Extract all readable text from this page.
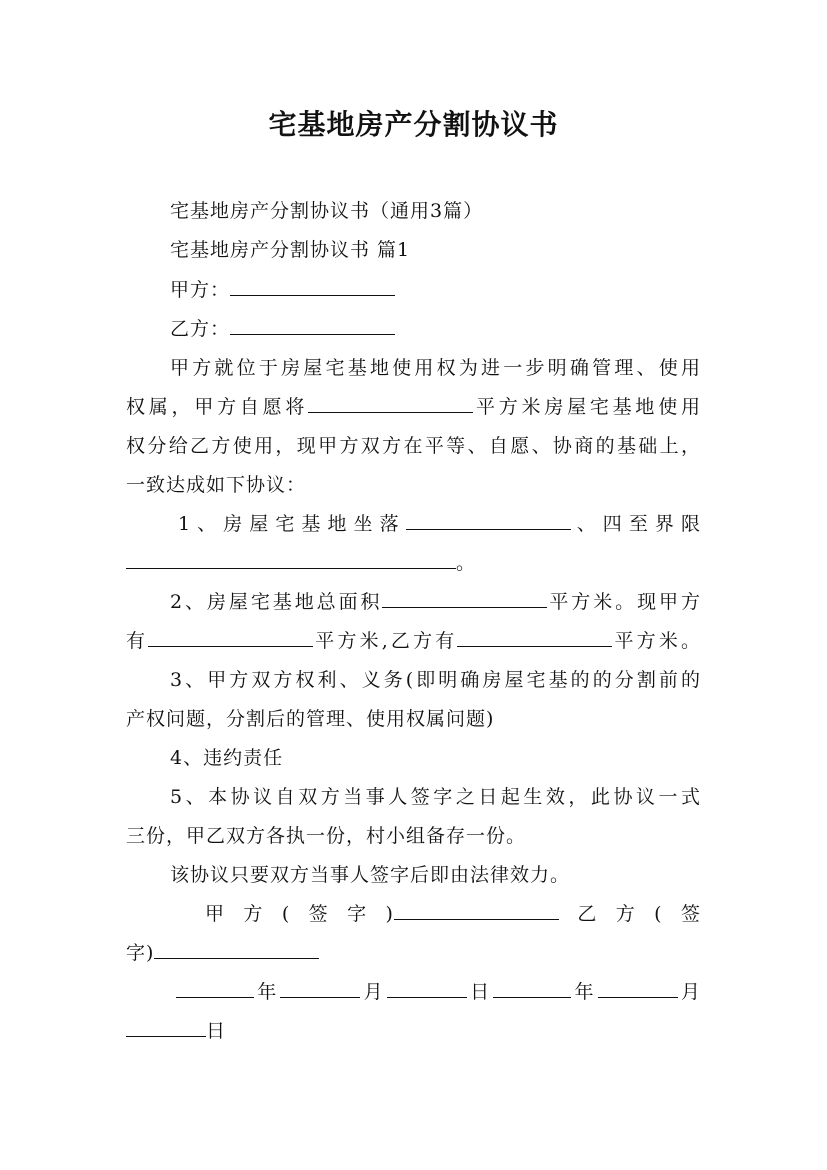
宅基地房产分割协议书
宅基地房产分割协议书（通用3篇）
宅基地房产分割协议书 篇1
甲方：
乙方：
甲方就位于房屋宅基地使用权为进一步明确管理、使用
权属，甲方自愿将	平方米房屋宅基地使用
权分给乙方使用，现甲方双方在平等、自愿、协商的基础上，
一致达成如下协议：
1、房屋宅基地坐落	、四至界限
。
2、房屋宅基地总面积	平方米。现甲方
有	平方米,乙方有	平方米。
3、甲方双方权利、义务(即明确房屋宅基的的分割前的
产权问题，分割后的管理、使用权属问题)
4、违约责任
5、本协议自双方当事人签字之日起生效，此协议一式
三份，甲乙双方各执一份，村小组备存一份。
该协议只要双方当事人签字后即由法律效力。
甲方(签字)	乙方(签
字)
年	月	日	年	月
日
